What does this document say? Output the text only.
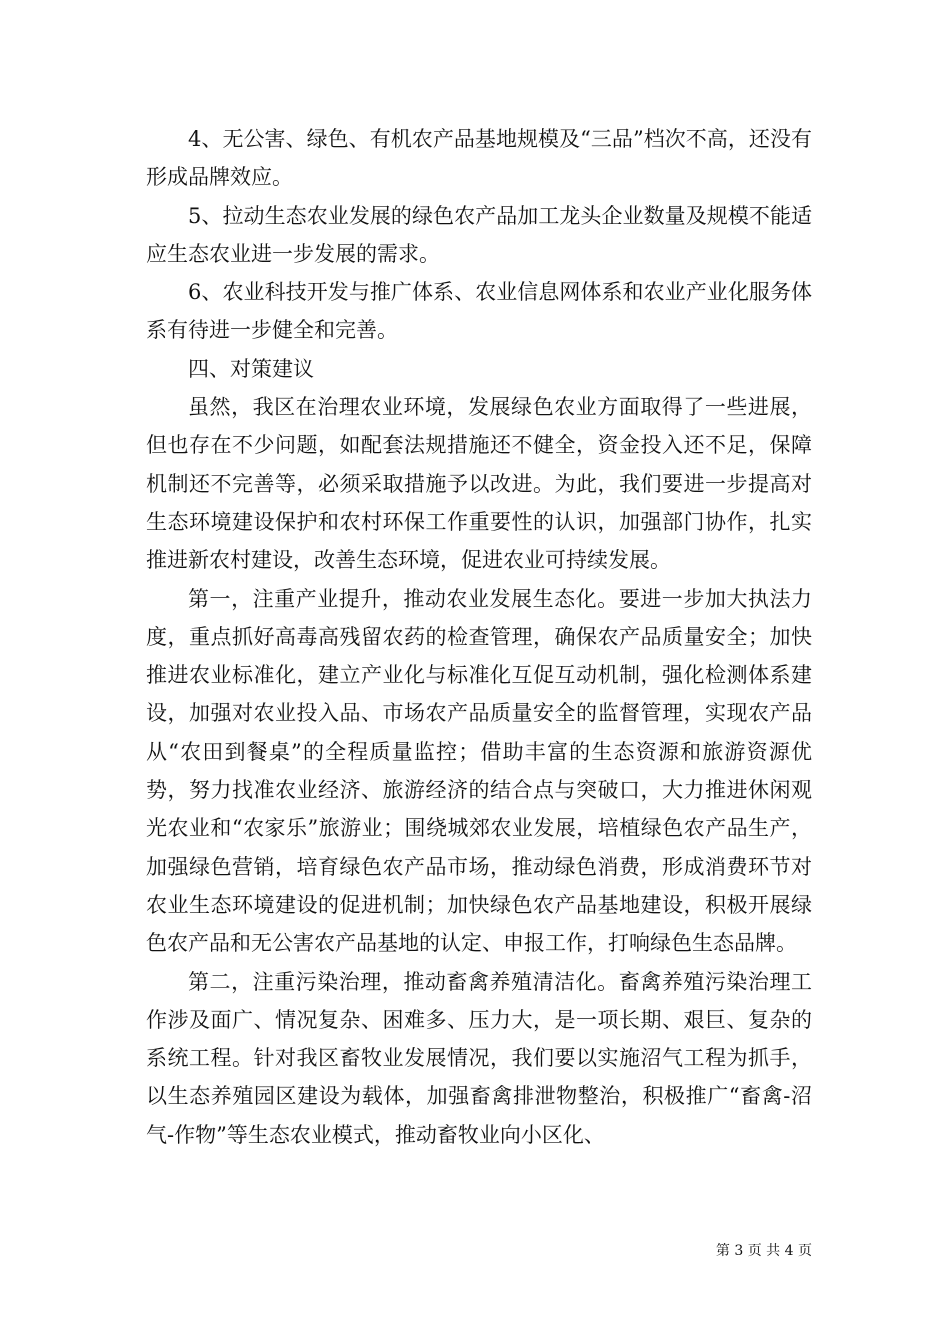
4、无公害、绿色、有机农产品基地规模及“三品”档次不高，还没有形成品牌效应。

5、拉动生态农业发展的绿色农产品加工龙头企业数量及规模不能适应生态农业进一步发展的需求。

6、农业科技开发与推广体系、农业信息网体系和农业产业化服务体系有待进一步健全和完善。

四、对策建议

虽然，我区在治理农业环境，发展绿色农业方面取得了一些进展，但也存在不少问题，如配套法规措施还不健全，资金投入还不足，保障机制还不完善等，必须采取措施予以改进。为此，我们要进一步提高对生态环境建设保护和农村环保工作重要性的认识，加强部门协作，扎实推进新农村建设，改善生态环境，促进农业可持续发展。

第一，注重产业提升，推动农业发展生态化。要进一步加大执法力度，重点抓好高毒高残留农药的检查管理，确保农产品质量安全；加快推进农业标准化，建立产业化与标准化互促互动机制，强化检测体系建设，加强对农业投入品、市场农产品质量安全的监督管理，实现农产品从“农田到餐桌”的全程质量监控；借助丰富的生态资源和旅游资源优势，努力找准农业经济、旅游经济的结合点与突破口，大力推进休闲观光农业和“农家乐”旅游业；围绕城郊农业发展，培植绿色农产品生产，加强绿色营销，培育绿色农产品市场，推动绿色消费，形成消费环节对农业生态环境建设的促进机制；加快绿色农产品基地建设，积极开展绿色农产品和无公害农产品基地的认定、申报工作，打响绿色生态品牌。

第二，注重污染治理，推动畜禽养殖清洁化。畜禽养殖污染治理工作涉及面广、情况复杂、困难多、压力大，是一项长期、艰巨、复杂的系统工程。针对我区畜牧业发展情况，我们要以实施沼气工程为抓手，以生态养殖园区建设为载体，加强畜禽排泄物整治，积极推广“畜禽-沼气-作物”等生态农业模式，推动畜牧业向小区化、

第 3 页 共 4 页
